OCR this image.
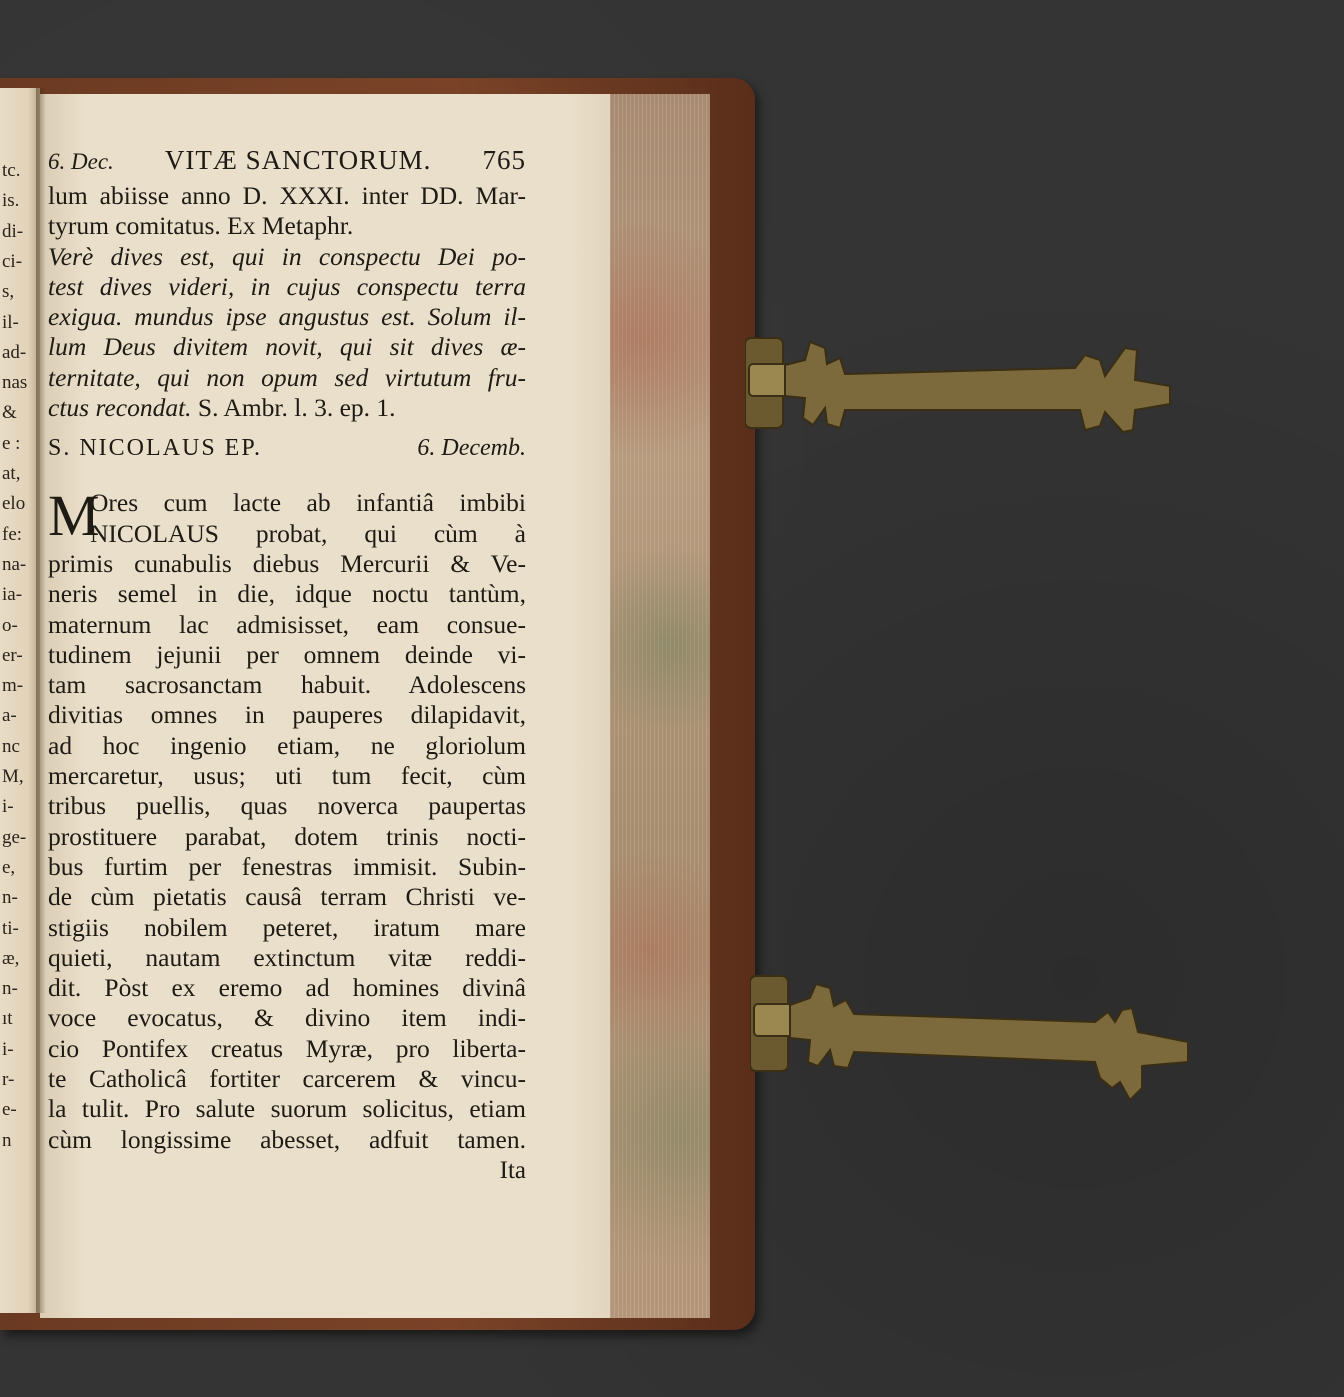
tc.
is.
di-
ci-
s,
il-
ad-
nas
&
e :
at,
elo
fe:
na-
ia-
o-
er-
m-
a-
nc
M,
i-
ge-
e,
n-
ti-
æ,
n-
ıt
i-
r-
e-
n
6. Dec. VITÆ SANCTORUM. 765
lum abiisse anno D. XXXI. inter DD. Mar-
tyrum comitatus. Ex Metaphr.
Verè dives est, qui in conspectu Dei po-
test dives videri, in cujus conspectu terra
exigua. mundus ipse angustus est. Solum il-
lum Deus divitem novit, qui sit dives æ-
ternitate, qui non opum sed virtutum fru-
ctus recondat. S. Ambr. l. 3. ep. 1.
S. NICOLAUS EP.	6. Decemb.
M
Ores cum lacte ab infantiâ imbibi
NICOLAUS probat, qui cùm à
primis cunabulis diebus Mercurii & Ve-
neris semel in die, idque noctu tantùm,
maternum lac admisisset, eam consue-
tudinem jejunii per omnem deinde vi-
tam sacrosanctam habuit. Adolescens
divitias omnes in pauperes dilapidavit,
ad hoc ingenio etiam, ne gloriolum
mercaretur, usus; uti tum fecit, cùm
tribus puellis, quas noverca paupertas
prostituere parabat, dotem trinis nocti-
bus furtim per fenestras immisit. Subin-
de cùm pietatis causâ terram Christi ve-
stigiis nobilem peteret, iratum mare
quieti, nautam extinctum vitæ reddi-
dit. Pòst ex eremo ad homines divinâ
voce evocatus, & divino item indi-
cio Pontifex creatus Myræ, pro liberta-
te Catholicâ fortiter carcerem & vincu-
la tulit. Pro salute suorum solicitus, etiam
cùm longissime abesset, adfuit tamen.
Ita
